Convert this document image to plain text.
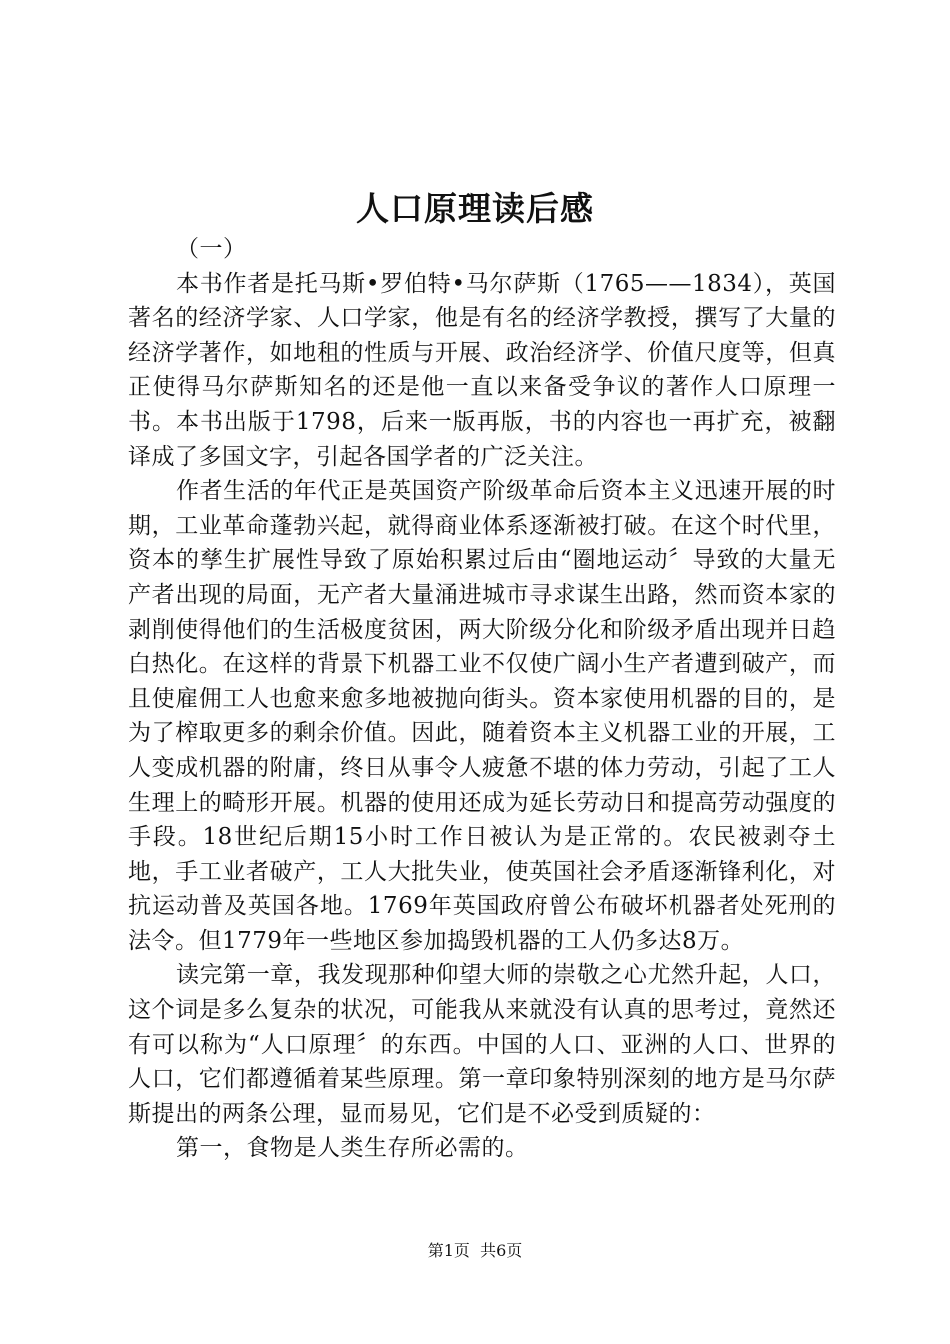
人口原理读后感

（一）

本书作者是托马斯•罗伯特•马尔萨斯（1765——1834），英国著名的经济学家、人口学家，他是有名的经济学教授，撰写了大量的经济学著作，如地租的性质与开展、政治经济学、价值尺度等，但真正使得马尔萨斯知名的还是他一直以来备受争议的著作人口原理一书。本书出版于1798，后来一版再版，书的内容也一再扩充，被翻译成了多国文字，引起各国学者的广泛关注。

作者生活的年代正是英国资产阶级革命后资本主义迅速开展的时期，工业革命蓬勃兴起，就得商业体系逐渐被打破。在这个时代里，资本的孳生扩展性导致了原始积累过后由“圈地运动〞导致的大量无产者出现的局面，无产者大量涌进城市寻求谋生出路，然而资本家的剥削使得他们的生活极度贫困，两大阶级分化和阶级矛盾出现并日趋白热化。在这样的背景下机器工业不仅使广阔小生产者遭到破产，而且使雇佣工人也愈来愈多地被抛向街头。资本家使用机器的目的，是为了榨取更多的剩余价值。因此，随着资本主义机器工业的开展，工人变成机器的附庸，终日从事令人疲惫不堪的体力劳动，引起了工人生理上的畸形开展。机器的使用还成为延长劳动日和提高劳动强度的手段。18世纪后期15小时工作日被认为是正常的。农民被剥夺土地，手工业者破产，工人大批失业，使英国社会矛盾逐渐锋利化，对抗运动普及英国各地。1769年英国政府曾公布破坏机器者处死刑的法令。但1779年一些地区参加捣毁机器的工人仍多达8万。

读完第一章，我发现那种仰望大师的崇敬之心尤然升起，人口，这个词是多么复杂的状况，可能我从来就没有认真的思考过，竟然还有可以称为“人口原理〞的东西。中国的人口、亚洲的人口、世界的人口，它们都遵循着某些原理。第一章印象特别深刻的地方是马尔萨斯提出的两条公理，显而易见，它们是不必受到质疑的：

第一，食物是人类生存所必需的。

第1页  共6页
